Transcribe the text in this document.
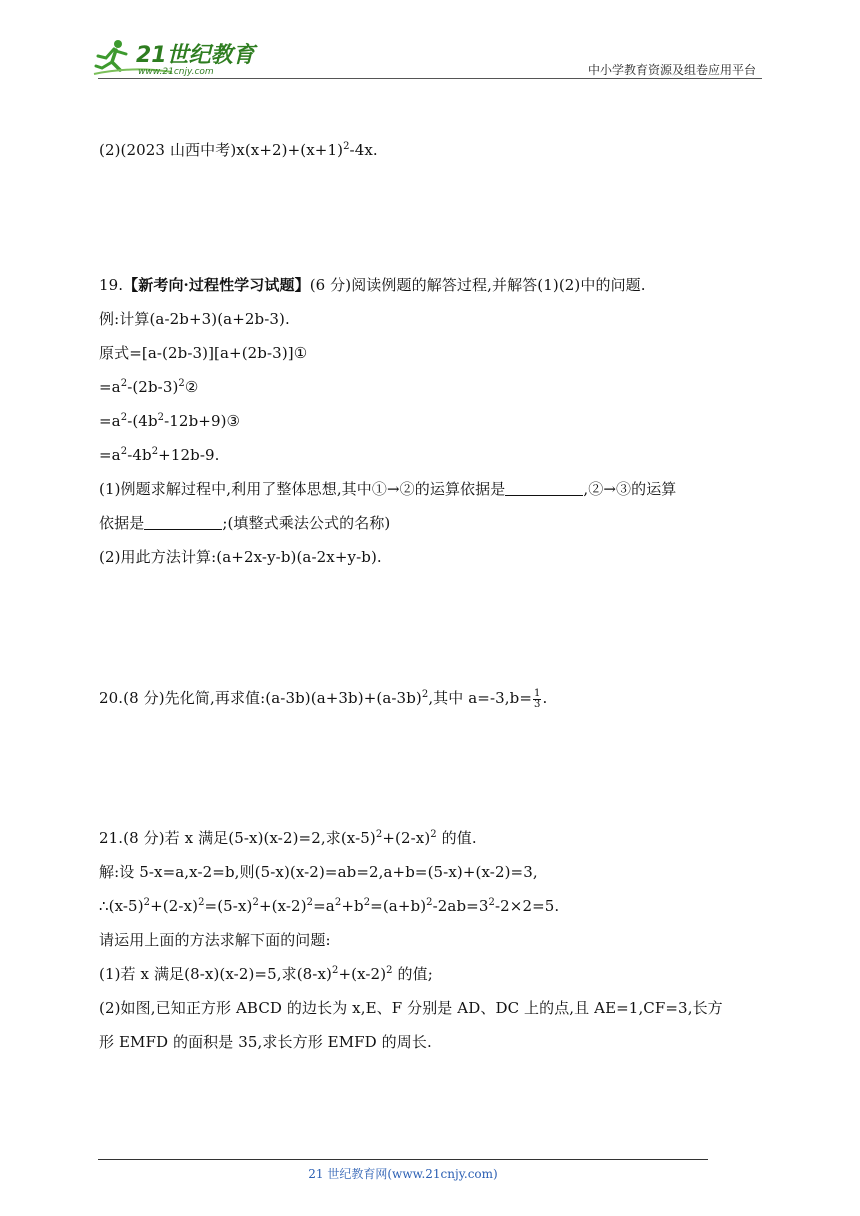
21世纪教育
www.21cnjy.com	中小学教育资源及组卷应用平台
(2)(2023 山西中考)$x(x+2)+(x+1)^2-4x$.
19.【新考向·过程性学习试题】(6 分)阅读例题的解答过程,并解答(1)(2)中的问题.
例:计算(a-2b+3)(a+2b-3).
原式=[a-(2b-3)][a+(2b-3)]①
$=a^2-(2b-3)^2②$
$=a^2-(4b^2-12b+9)③$
$=a^2-4b^2+12b-9$.
(1)例题求解过程中,利用了整体思想,其中①→②的运算依据是	,②→③的运算
依据是	;(填整式乘法公式的名称)
(2)用此方法计算:(a+2x-y-b)(a-2x+y-b).
20.(8 分)先化简,再求值$:(a-3b)(a+3b)+(a-3b)^2$,其中 $a=-3,b= \frac{1}{3}$ .
21.(8 分)若 x 满足(5-x)(x-2)=2,求$(x-5)^2+(2-x)^2$ 的值.
解:设 5-x=a,x-2=b,则(5-x)(x-2)=ab=2,a+b=(5-x)+(x-2)=3,
$\therefore(x-5)^2+(2-x)^2=(5-x)^2+(x-2)^2=a^2+b^2=(a+b)^2-2ab=3^2-2\times 2=5$.
请运用上面的方法求解下面的问题:
(1)若 x 满足(8-x)(x-2)=5,求$(8-x)^2+(x-2)^2$ 的值;
(2)如图,已知正方形 ABCD 的边长为 x,E、F 分别是 AD、DC 上的点,且 AE=1,CF=3,长方
形 EMFD 的面积是 35,求长方形 EMFD 的周长.
21 世纪教育网(www.21cnjy.com)
